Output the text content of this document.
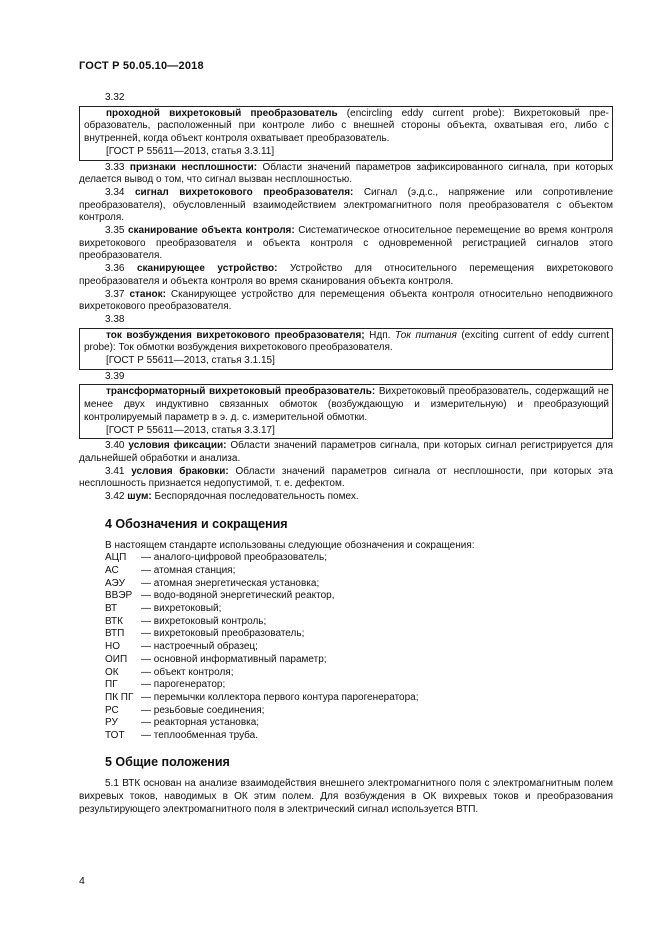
ГОСТ Р 50.05.10—2018
3.32

проходной вихретоковый преобразователь (encircling eddy current probe): Вихретоковый преобразователь, расположенный при контроле либо с внешней стороны объекта, охватывая его, либо с внутренней, когда объект контроля охватывает преобразователь.

[ГОСТ Р 55611—2013, статья 3.3.11]

3.33 признаки несплошности: Области значений параметров зафиксированного сигнала, при которых делается вывод о том, что сигнал вызван несплошностью.

3.34 сигнал вихретокового преобразователя: Сигнал (э.д.с., напряжение или сопротивление преобразователя), обусловленный взаимодействием электромагнитного поля преобразователя с объектом контроля.

3.35 сканирование объекта контроля: Систематическое относительное перемещение во время контроля вихретокового преобразователя и объекта контроля с одновременной регистрацией сигналов этого преобразователя.

3.36 сканирующее устройство: Устройство для относительного перемещения вихретокового преобразователя и объекта контроля во время сканирования объекта контроля.

3.37 станок: Сканирующее устройство для перемещения объекта контроля относительно неподвижного вихретокового преобразователя.

3.38

ток возбуждения вихретокового преобразователя; Ндп. Ток питания (exciting current of eddy current probe): Ток обмотки возбуждения вихретокового преобразователя.

[ГОСТ Р 55611—2013, статья 3.1.15]
3.39

трансформаторный вихретоковый преобразователь: Вихретоковый преобразователь, содержащий не менее двух индуктивно связанных обмоток (возбуждающую и измерительную) и преобразующий контролируемый параметр в э. д. с. измерительной обмотки.

[ГОСТ Р 55611—2013, статья 3.3.17]

3.40 условия фиксации: Области значений параметров сигнала, при которых сигнал регистрируется для дальнейшей обработки и анализа.

3.41 условия браковки: Области значений параметров сигнала от несплошности, при которых эта несплошность признается недопустимой, т. е. дефектом.

3.42 шум: Беспорядочная последовательность помех.

4 Обозначения и сокращения

В настоящем стандарте использованы следующие обозначения и сокращения:

АЦП	— аналого-цифровой преобразователь;
АС	— атомная станция;
АЭУ	— атомная энергетическая установка;
ВВЭР — водо-водяной энергетический реактор,
ВТ	— вихретоковый;
ВТК	— вихретоковый контроль;
ВТП	— вихретоковый преобразователь;
НО	— настроечный образец;
ОИП	— основной информативный параметр;
ОК	— объект контроля;
ПГ	— парогенератор;
ПК ПГ — перемычки коллектора первого контура парогенератора;
РС	— резьбовые соединения;
РУ	— реакторная установка;
ТОТ	— теплообменная труба.
5 Общие положения

5.1 ВТК основан на анализе взаимодействия внешнего электромагнитного поля с электромагнитным полем вихревых токов, наводимых в ОК этим полем. Для возбуждения в ОК вихревых токов и преобразования результирующего электромагнитного поля в электрический сигнал используется ВТП.

4
